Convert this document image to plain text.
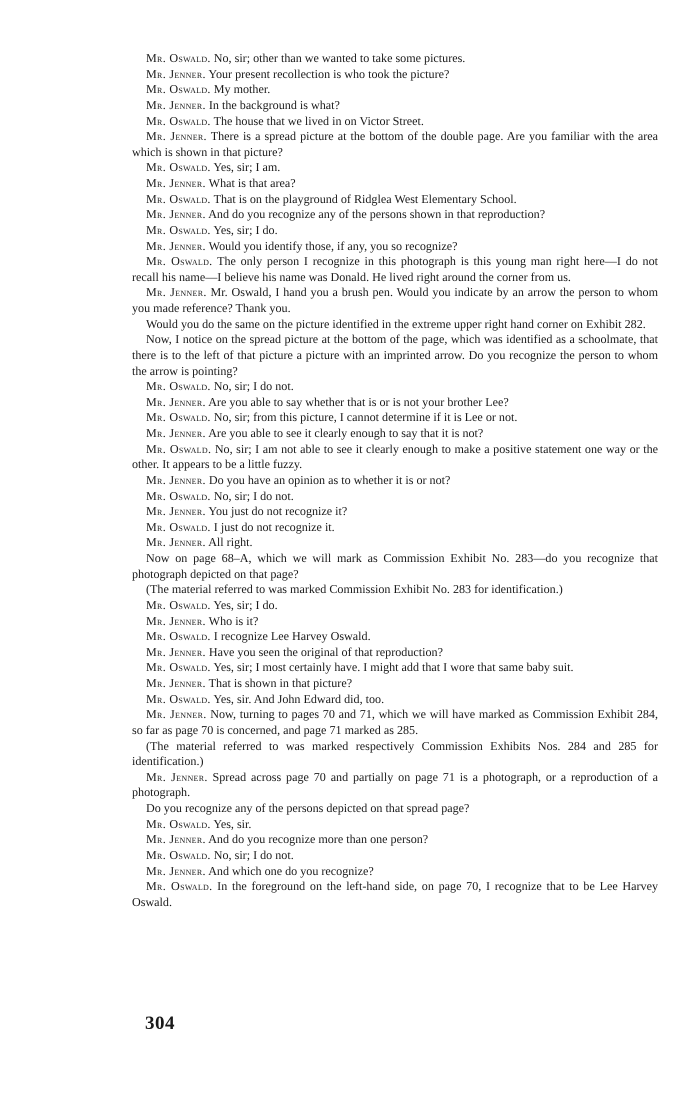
Mr. Oswald. No, sir; other than we wanted to take some pictures.

Mr. Jenner. Your present recollection is who took the picture?

Mr. Oswald. My mother.

Mr. Jenner. In the background is what?

Mr. Oswald. The house that we lived in on Victor Street.

Mr. Jenner. There is a spread picture at the bottom of the double page. Are you familiar with the area which is shown in that picture?

Mr. Oswald. Yes, sir; I am.

Mr. Jenner. What is that area?

Mr. Oswald. That is on the playground of Ridglea West Elementary School.

Mr. Jenner. And do you recognize any of the persons shown in that reproduction?

Mr. Oswald. Yes, sir; I do.

Mr. Jenner. Would you identify those, if any, you so recognize?

Mr. Oswald. The only person I recognize in this photograph is this young man right here—I do not recall his name—I believe his name was Donald. He lived right around the corner from us.

Mr. Jenner. Mr. Oswald, I hand you a brush pen. Would you indicate by an arrow the person to whom you made reference? Thank you.

Would you do the same on the picture identified in the extreme upper right hand corner on Exhibit 282.

Now, I notice on the spread picture at the bottom of the page, which was identified as a schoolmate, that there is to the left of that picture a picture with an imprinted arrow. Do you recognize the person to whom the arrow is pointing?

Mr. Oswald. No, sir; I do not.

Mr. Jenner. Are you able to say whether that is or is not your brother Lee?

Mr. Oswald. No, sir; from this picture, I cannot determine if it is Lee or not.

Mr. Jenner. Are you able to see it clearly enough to say that it is not?

Mr. Oswald. No, sir; I am not able to see it clearly enough to make a positive statement one way or the other. It appears to be a little fuzzy.

Mr. Jenner. Do you have an opinion as to whether it is or not?

Mr. Oswald. No, sir; I do not.

Mr. Jenner. You just do not recognize it?

Mr. Oswald. I just do not recognize it.

Mr. Jenner. All right.

Now on page 68–A, which we will mark as Commission Exhibit No. 283—do you recognize that photograph depicted on that page?

(The material referred to was marked Commission Exhibit No. 283 for identification.)

Mr. Oswald. Yes, sir; I do.

Mr. Jenner. Who is it?

Mr. Oswald. I recognize Lee Harvey Oswald.

Mr. Jenner. Have you seen the original of that reproduction?

Mr. Oswald. Yes, sir; I most certainly have. I might add that I wore that same baby suit.

Mr. Jenner. That is shown in that picture?

Mr. Oswald. Yes, sir. And John Edward did, too.

Mr. Jenner. Now, turning to pages 70 and 71, which we will have marked as Commission Exhibit 284, so far as page 70 is concerned, and page 71 marked as 285.

(The material referred to was marked respectively Commission Exhibits Nos. 284 and 285 for identification.)

Mr. Jenner. Spread across page 70 and partially on page 71 is a photograph, or a reproduction of a photograph.

Do you recognize any of the persons depicted on that spread page?

Mr. Oswald. Yes, sir.

Mr. Jenner. And do you recognize more than one person?

Mr. Oswald. No, sir; I do not.

Mr. Jenner. And which one do you recognize?

Mr. Oswald. In the foreground on the left-hand side, on page 70, I recognize that to be Lee Harvey Oswald.

304
